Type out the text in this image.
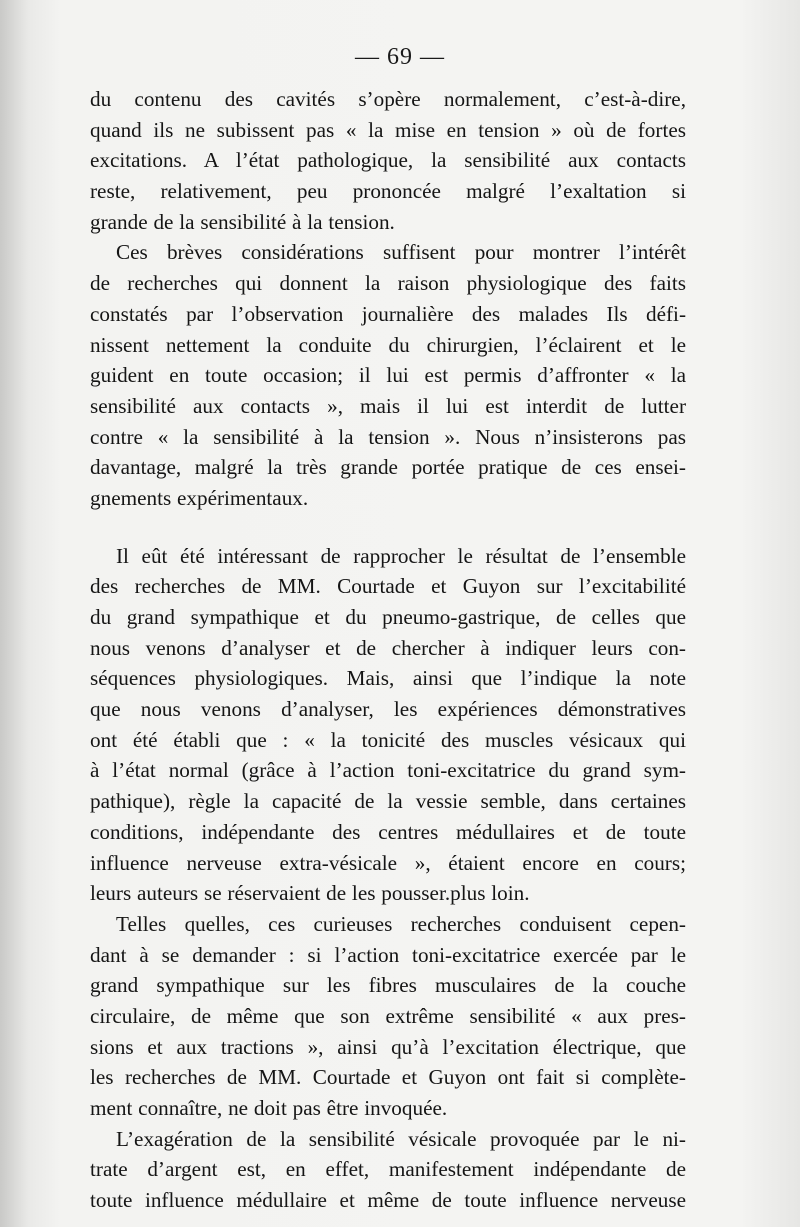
— 69 —
du contenu des cavités s’opère normalement, c’est-à-dire,
quand ils ne subissent pas « la mise en tension » où de fortes
excitations. A l’état pathologique, la sensibilité aux contacts
reste, relativement, peu prononcée malgré l’exaltation si
grande de la sensibilité à la tension.
Ces brèves considérations suffisent pour montrer l’intérêt
de recherches qui donnent la raison physiologique des faits
constatés par l’observation journalière des malades Ils défi-
nissent nettement la conduite du chirurgien, l’éclairent et le
guident en toute occasion; il lui est permis d’affronter « la
sensibilité aux contacts », mais il lui est interdit de lutter
contre « la sensibilité à la tension ». Nous n’insisterons pas
davantage, malgré la très grande portée pratique de ces ensei-
gnements expérimentaux.
Il eût été intéressant de rapprocher le résultat de l’ensemble
des recherches de MM. Courtade et Guyon sur l’excitabilité
du grand sympathique et du pneumo-gastrique, de celles que
nous venons d’analyser et de chercher à indiquer leurs con-
séquences physiologiques. Mais, ainsi que l’indique la note
que nous venons d’analyser, les expériences démonstratives
ont été établi que : « la tonicité des muscles vésicaux qui
à l’état normal (grâce à l’action toni-excitatrice du grand sym-
pathique), règle la capacité de la vessie semble, dans certaines
conditions, indépendante des centres médullaires et de toute
influence nerveuse extra-vésicale », étaient encore en cours;
leurs auteurs se réservaient de les pousser.plus loin.
Telles quelles, ces curieuses recherches conduisent cepen-
dant à se demander : si l’action toni-excitatrice exercée par le
grand sympathique sur les fibres musculaires de la couche
circulaire, de même que son extrême sensibilité « aux pres-
sions et aux tractions », ainsi qu’à l’excitation électrique, que
les recherches de MM. Courtade et Guyon ont fait si complète-
ment connaître, ne doit pas être invoquée.
L’exagération de la sensibilité vésicale provoquée par le ni-
trate d’argent est, en effet, manifestement indépendante de
toute influence médullaire et même de toute influence nerveuse
